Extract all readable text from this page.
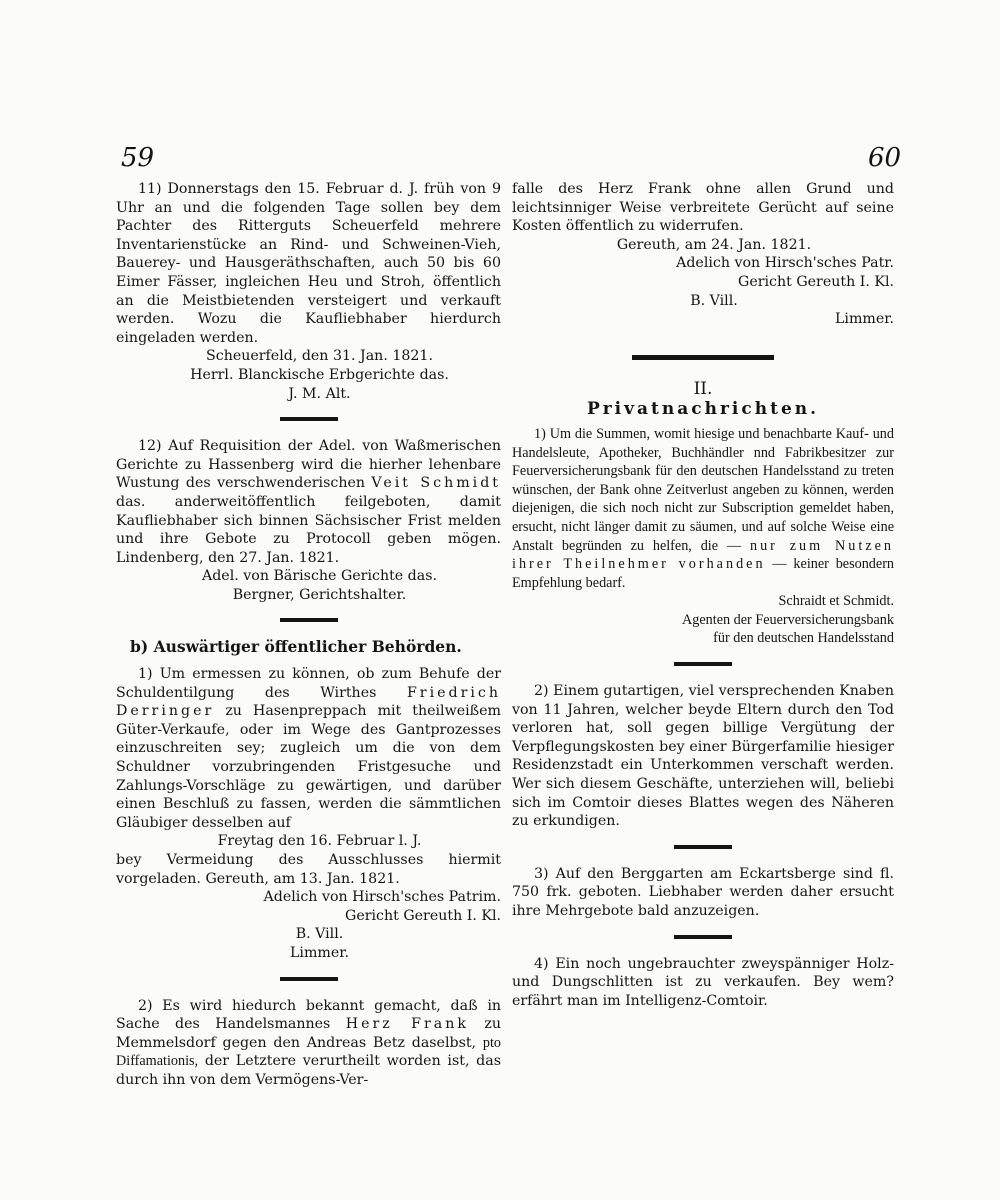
59	60

11) Donnerstags den 15. Februar d. J. früh von 9 Uhr an und die folgenden Tage sollen bey dem Pachter des Ritterguts Scheuerfeld mehrere Inventarienstücke an Rind- und Schweinen-Vieh, Bauerey- und Hausgeräthschaften, auch 50 bis 60 Eimer Fässer, ingleichen Heu und Stroh, öffentlich an die Meistbietenden versteigert und verkauft werden. Wozu die Kaufliebhaber hierdurch eingeladen werden.

Scheuerfeld, den 31. Jan. 1821.

Herrl. Blanckische Erbgerichte das.

J. M. Alt.

12) Auf Requisition der Adel. von Waßmerischen Gerichte zu Hassenberg wird die hierher lehenbare Wustung des verschwenderischen Veit Schmidt das. anderweitöffentlich feilgeboten, damit Kaufliebhaber sich binnen Sächsischer Frist melden und ihre Gebote zu Protocoll geben mögen. Lindenberg, den 27. Jan. 1821.

Adel. von Bärische Gerichte das.

Bergner, Gerichtshalter.

b) Auswärtiger öffentlicher Behörden.

1) Um ermessen zu können, ob zum Behufe der Schuldentilgung des Wirthes Friedrich Derringer zu Hasenpreppach mit theilweißem Güter-Verkaufe, oder im Wege des Gantprozesses einzuschreiten sey; zugleich um die von dem Schuldner vorzubringenden Fristgesuche und Zahlungs-Vorschläge zu gewärtigen, und darüber einen Beschluß zu fassen, werden die sämmtlichen Gläubiger desselben auf

Freytag den 16. Februar l. J.

bey Vermeidung des Ausschlusses hiermit vorgeladen. Gereuth, am 13. Jan. 1821.

Adelich von Hirsch'sches Patrim.

Gericht Gereuth I. Kl.

B. Vill.

Limmer.

2) Es wird hiedurch bekannt gemacht, daß in Sache des Handelsmannes Herz Frank zu Memmelsdorf gegen den Andreas Betz daselbst, pto Diffamationis, der Letztere verurtheilt worden ist, das durch ihn von dem Vermögens-Ver-

falle des Herz Frank ohne allen Grund und leichtsinniger Weise verbreitete Gerücht auf seine Kosten öffentlich zu widerrufen.

Gereuth, am 24. Jan. 1821.

Adelich von Hirsch'sches Patr.

Gericht Gereuth I. Kl.

B. Vill.

Limmer.

II.
Privatnachrichten.

1) Um die Summen, womit hiesige und benachbarte Kauf- und Handelsleute, Apotheker, Buchhändler nnd Fabrikbesitzer zur Feuerversicherungsbank für den deutschen Handelsstand zu treten wünschen, der Bank ohne Zeitverlust angeben zu können, werden diejenigen, die sich noch nicht zur Subscription gemeldet haben, ersucht, nicht länger damit zu säumen, und auf solche Weise eine Anstalt begründen zu helfen, die — nur zum Nutzen ihrer Theilnehmer vorhanden — keiner besondern Empfehlung bedarf.

Schraidt et Schmidt.

Agenten der Feuerversicherungsbank

für den deutschen Handelsstand

2) Einem gutartigen, viel versprechenden Knaben von 11 Jahren, welcher beyde Eltern durch den Tod verloren hat, soll gegen billige Vergütung der Verpflegungskosten bey einer Bürgerfamilie hiesiger Residenzstadt ein Unterkommen verschaft werden. Wer sich diesem Geschäfte, unterziehen will, beliebi sich im Comtoir dieses Blattes wegen des Näheren zu erkundigen.

3) Auf den Berggarten am Eckartsberge sind fl. 750 frk. geboten. Liebhaber werden daher ersucht ihre Mehrgebote bald anzuzeigen.

4) Ein noch ungebrauchter zweyspänniger Holz- und Dungschlitten ist zu verkaufen. Bey wem? erfährt man im Intelligenz-Comtoir.
